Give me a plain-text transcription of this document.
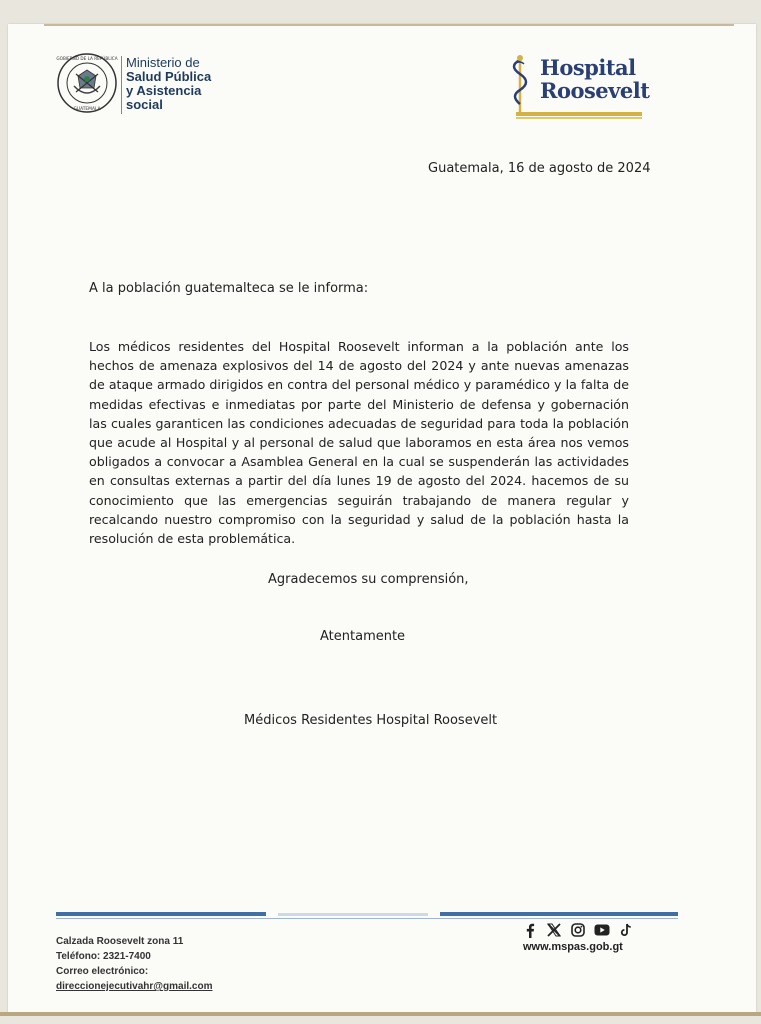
GOBIERNO DE LA REPÚBLICA
GUATEMALA
Ministerio de
Salud Pública
y Asistencia
social
Hospital
Roosevelt
Guatemala, 16 de agosto de 2024
A la población guatemalteca se le informa:
Los médicos residentes del Hospital Roosevelt informan a la población ante los hechos de amenaza explosivos del 14 de agosto del 2024 y ante nuevas amenazas de ataque armado dirigidos en contra del personal médico y paramédico y la falta de medidas efectivas e inmediatas por parte del Ministerio de defensa y gobernación las cuales garanticen las condiciones adecuadas de seguridad para toda la población que acude al Hospital y al personal de salud que laboramos en esta área nos vemos obligados a convocar a Asamblea General en la cual se suspenderán las actividades en consultas externas a partir del día lunes 19 de agosto del 2024. hacemos de su conocimiento que las emergencias seguirán trabajando de manera regular y recalcando nuestro compromiso con la seguridad y salud de la población hasta la resolución de esta problemática.
Agradecemos su comprensión,
Atentamente
Médicos Residentes Hospital Roosevelt
Calzada Roosevelt zona 11
Teléfono: 2321-7400
Correo electrónico:
direccionejecutivahr@gmail.com
www.mspas.gob.gt
